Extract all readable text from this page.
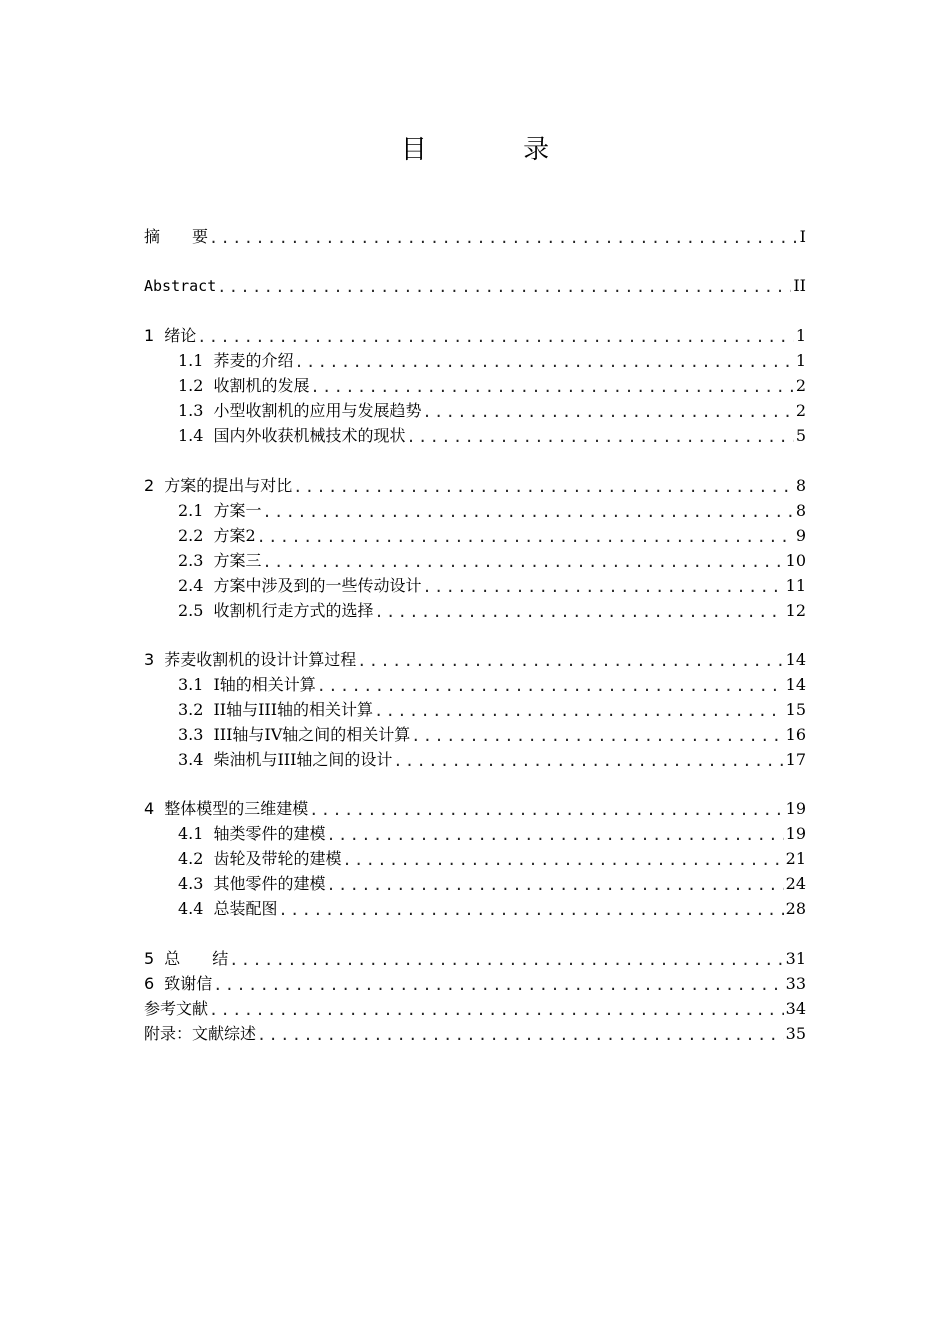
目 录
摘　　要 .....	I
Abstract .....	II
1 绪论 .....	1
1.1 荞麦的介绍 .....	1
1.2 收割机的发展 .....	2
1.3 小型收割机的应用与发展趋势 .....	2
1.4 国内外收获机械技术的现状 .....	5
2 方案的提出与对比 .....	8
2.1 方案一 .....	8
2.2 方案2 .....	9
2.3 方案三 .....	10
2.4 方案中涉及到的一些传动设计 .....	11
2.5 收割机行走方式的选择 .....	12
3 荞麦收割机的设计计算过程 .....	14
3.1 I轴的相关计算 .....	14
3.2 II轴与III轴的相关计算 .....	15
3.3 III轴与IV轴之间的相关计算 .....	16
3.4 柴油机与III轴之间的设计 .....	17
4 整体模型的三维建模 .....	19
4.1 轴类零件的建模 .....	19
4.2 齿轮及带轮的建模 .....	21
4.3 其他零件的建模 .....	24
4.4 总装配图 .....	28
5 总　　结 .....	31
6 致谢信 .....	33
参考文献 .....	34
附录：文献综述 .....	35
